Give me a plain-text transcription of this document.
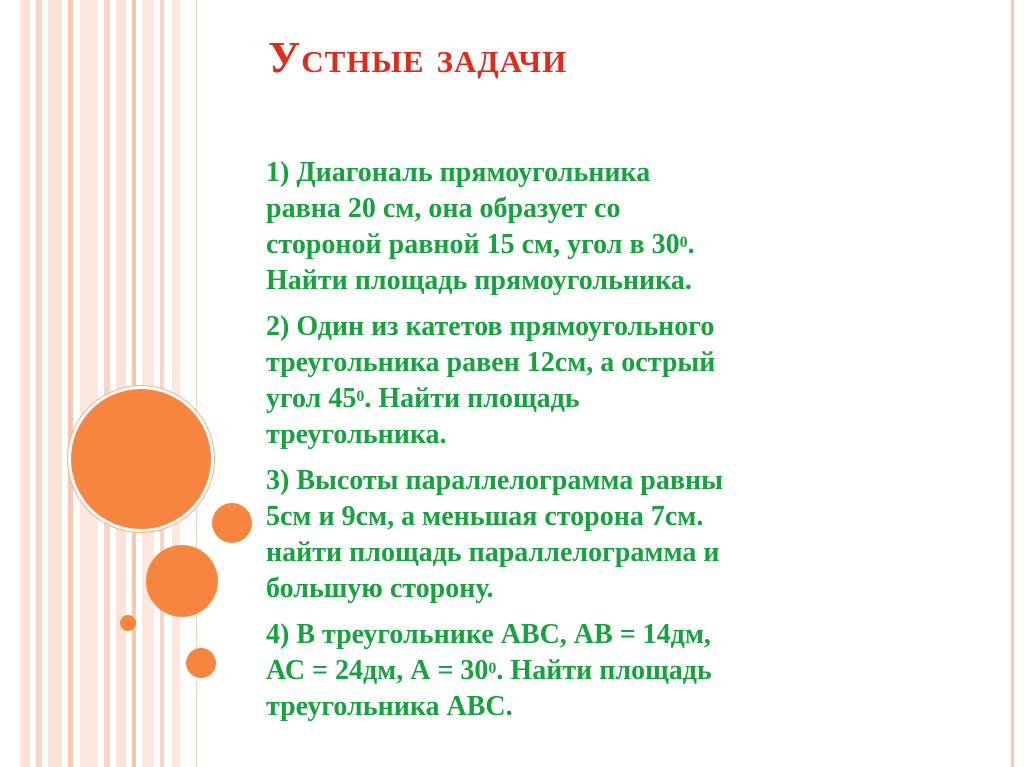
Устные задачи
1) Диагональ прямоугольника
равна 20 см, она образует со
стороной равной 15 см, угол в $30^0$.
Найти площадь прямоугольника.
2) Один из катетов прямоугольного
треугольника равен 12см, а острый
угол $45^0$. Найти площадь
треугольника.
3) Высоты параллелограмма равны
5см и 9см, а меньшая сторона 7см.
найти площадь параллелограмма и
большую сторону.
4) В треугольнике АВС, АВ = 14дм,
АС = 24дм, $А = 30^0$. Найти площадь
треугольника АВС.
